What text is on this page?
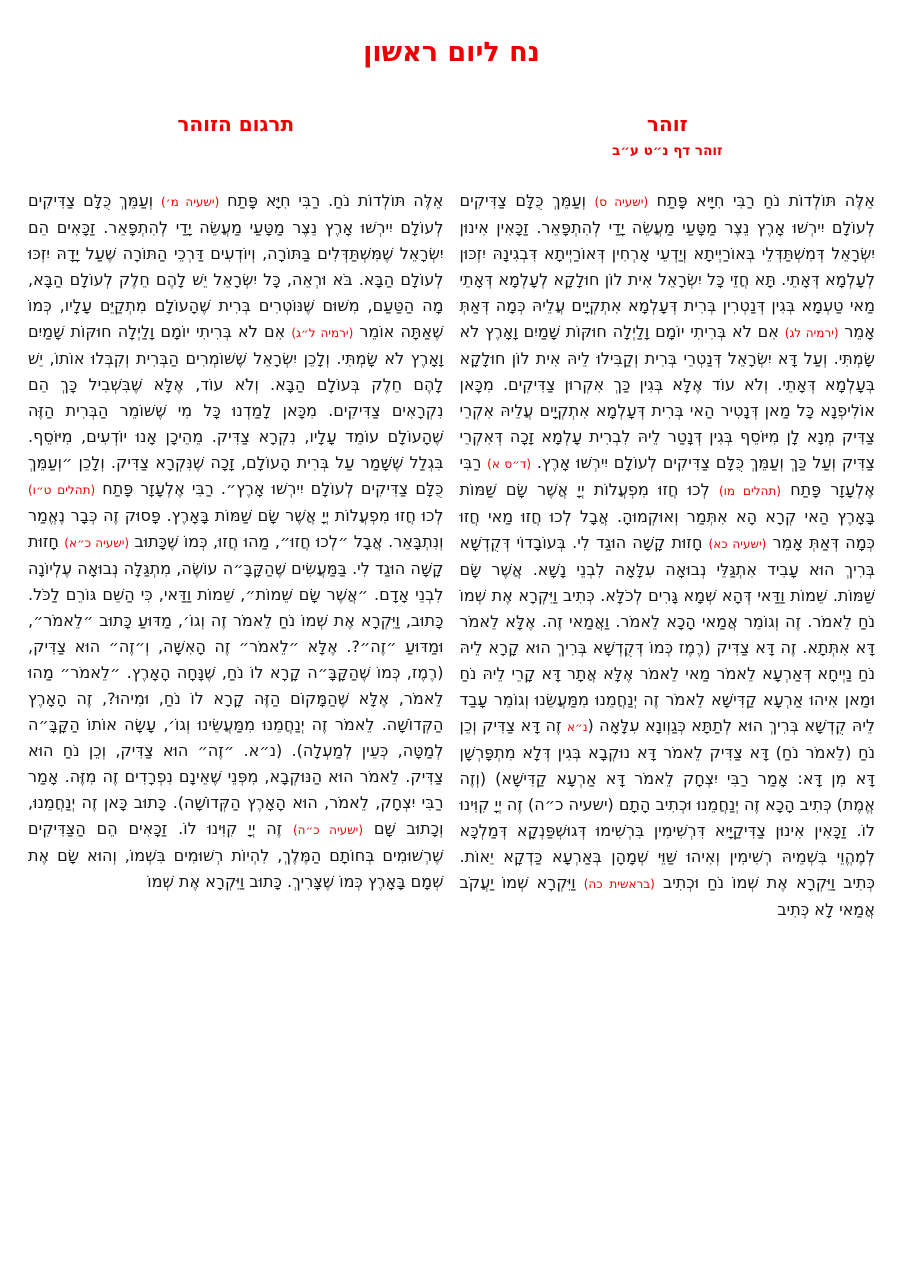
נח ליום ראשון
זוהר
זוהר דף נ״ט ע״ב

אֵלֶּה תּוֹלְדוֹת נֹחַ רַבִּי חִיָּיא פָּתַח (ישעיה ס) וְעַמֵּךְ כֻּלָּם צַדִּיקִים לְעוֹלָם יִירְשׁוּ אָרֶץ נֵצֶר מַטָּעַי מַעֲשֵׂה יָדַי לְהִתְפָּאֵר. זַכָּאִין אִינוּן יִשְׂרָאֵל דְּמִשְׁתַּדְּלֵי בְּאוֹרַיְיתָא וְיַדְעֵי אָרְחִין דְּאוֹרַיְיתָא דִּבְגִינָהּ יִזְכּוּן לְעָלְמָא דְּאָתֵי. תָּא חֲזֵי כָּל יִשְׂרָאֵל אִית לוֹן חוּלָקָא לְעָלְמָא דְּאָתֵי מַאי טַעְמָא בְּגִין דְּנַטְרִין בְּרִית דְּעָלְמָא אִתְקְיָים עֲלֵיהּ כְּמָה דְּאַתְּ אָמֵר (ירמיה לג) אִם לֹא בְּרִיתִי יוֹמָם וָלַיְלָה חוּקּוֹת שָׁמַיִם וָאָרֶץ לֹא שָׂמְתִּי. וְעַל דָּא יִשְׂרָאֵל דְּנַטְרֵי בְּרִית וְקַבִּילוּ לֵיהּ אִית לוֹן חוּלָקָא בְּעָלְמָא דְּאָתֵי. וְלֹא עוֹד אֶלָּא בְּגִין כַּךְ אִקְרוּן צַדִּיקִים. מִכָּאן אוֹלִיפְנָא כָּל מַאן דְּנָטִיר הַאי בְּרִית דְּעָלְמָא אִתְקְיָים עֲלֵיהּ אִקְרֵי צַדִּיק מְנָא לָן מִיּוֹסֵף בְּגִין דְּנָטַר לֵיהּ לִבְרִית עָלְמָא זָכָה דְּאִקְרֵי צַדִּיק וְעַל כַּךְ וְעַמֵּךְ כֻּלָּם צַדִּיקִים לְעוֹלָם יִירְשׁוּ אָרֶץ. (ד״ס א) רַבִּי אֶלְעָזָר פָּתַח (תהלים מו) לְכוּ חֲזוּ מִפְעֲלוֹת יְיָ אֲשֶׁר שָׂם שַׁמּוֹת בָּאָרֶץ הַאי קְרָא הָא אִתְּמַר וְאוּקְמוּהָ. אֲבָל לְכוּ חֲזוּ מַאי חֲזוּ כְּמָה דְּאַתְּ אָמֵר (ישעיה כא) חָזוּת קָשָׁה הוּגַד לִי. בְּעוֹבָדוֹי דְּקֻדְשָׁא בְּרִיךְ הוּא עָבִיד אִתְגַּלֵּי נְבוּאָה עִלָּאָה לִבְנֵי נָשָׁא. אֲשֶׁר שָׂם שַׁמּוֹת. שֵׁמוֹת וַדַּאי דְּהָא שְׁמָא גָּרִים לְכֹלָּא. כְּתִיב וַיִּקְרָא אֶת שְׁמוֹ נֹחַ לֵאמֹר. זֶה וְגוֹמֵר אֲמַאי הָכָא לֵאמֹר. וַאֲמַאי זֶה. אֶלָּא לֵאמֹר דָּא אִתְּתָא. זֶה דָּא צַדִּיק (רֶמֶז כְּמוֹ דְּקֻדְשָׁא בְּרִיךְ הוּא קָרָא לֵיהּ נֹחַ נַיְיחָא דְּאַרְעָא לֵאמֹר מַאי לֵאמֹר אֶלָּא אֲתָר דָּא קָרֵי לֵיהּ נֹחַ וּמַאן אִיהוּ אַרְעָא קַדִּישָׁא לֵאמֹר זֶה יְנַחֲמֵנוּ מִמַּעֲשֵׂנוּ וְגוֹמֵר עָבַד לֵיהּ קֻדְשָׁא בְּרִיךְ הוּא לְתַתָּא כְּגַוְונָא עִלָּאָה (נ״א זֶה דָּא צַדִּיק וְכֵן נֹחַ (לֵאמֹר נֹחַ) דָּא צַדִּיק לֵאמֹר דָּא נוּקְבָא בְּגִין דְּלָא מִתְפָּרְשָׁן דָּא מִן דָּא: אָמַר רַבִּי יִצְחָק לֵאמֹר דָּא אַרְעָא קַדִּישָׁא) (וְזֶה אֱמֶת) כְּתִיב הָכָא זֶה יְנַחֲמֵנוּ וּכְתִיב הָתָם (ישעיה כ״ה) זֶה יְיָ קִוִּינוּ לוֹ. זַכָּאִין אִינוּן צַדִּיקַיָּיא דִּרְשִׁימִין בִּרְשִׁימוּ דְּגוּשְׁפַּנְקָא דְּמַלְכָּא לְמֶהֱוֵי בִּשְׁמֵיהּ רְשִׁימִין וְאִיהוּ שַׁוֵּי שְׁמָהָן בְּאַרְעָא כַּדְקָא יֵאוֹת. כְּתִיב וַיִּקְרָא אֶת שְׁמוֹ נֹחַ וּכְתִיב (בראשית כה) וַיִּקְרָא שְׁמוֹ יַעֲקֹב אֲמַאי לָא כְּתִיב

תרגום הזוהר

אֵלֶּה תּוֹלְדוֹת נֹחַ. רַבִּי חִיָּא פָּתַח (ישעיה מ׳) וְעַמֵּךְ כֻּלָּם צַדִּיקִים לְעוֹלָם יִירְשׁוּ אָרֶץ נֵצֶר מַטָּעַי מַעֲשֵׂה יָדַי לְהִתְפָּאֵר. זַכָּאִים הֵם יִשְׂרָאֵל שֶׁמִּשְׁתַּדְּלִים בַּתּוֹרָה, וְיוֹדְעִים דַּרְכֵי הַתּוֹרָה שֶׁעַל יָדָהּ יִזְכּוּ לְעוֹלָם הַבָּא. בֹּא וּרְאֵה, כָּל יִשְׂרָאֵל יֵשׁ לָהֶם חֵלֶק לְעוֹלָם הַבָּא, מָה הַטַּעַם, מִשּׁוּם שֶׁנּוֹטְרִים בְּרִית שֶׁהָעוֹלָם מִתְקַיֵּם עָלָיו, כְּמוֹ שֶׁאַתָּה אוֹמֵר (ירמיה ל״ג) אִם לֹא בְּרִיתִי יוֹמָם וָלַיְלָה חוּקּוֹת שָׁמַיִם וָאָרֶץ לֹא שָׂמְתִּי. וְלָכֵן יִשְׂרָאֵל שֶׁשּׁוֹמְרִים הַבְּרִית וְקִבְּלוּ אוֹתוֹ, יֵשׁ לָהֶם חֵלֶק בְּעוֹלָם הַבָּא. וְלֹא עוֹד, אֶלָּא שֶׁבִּשְׁבִיל כָּךְ הֵם נִקְרָאִים צַדִּיקִים. מִכָּאן לָמַדְנוּ כָּל מִי שֶׁשּׁוֹמֵר הַבְּרִית הַזֶּה שֶׁהָעוֹלָם עוֹמֵד עָלָיו, נִקְרָא צַדִּיק. מֵהֵיכָן אָנוּ יוֹדְעִים, מִיּוֹסֵף. בִּגְלַל שֶׁשָּׁמַר עַל בְּרִית הָעוֹלָם, זָכָה שֶׁנִּקְרָא צַדִּיק. וְלָכֵן ״וְעַמֵּךְ כֻּלָּם צַדִּיקִים לְעוֹלָם יִירְשׁוּ אָרֶץ״. רַבִּי אֶלְעָזָר פָּתַח (תהלים ט״ו) לְכוּ חֲזוּ מִפְעֲלוֹת יְיָ אֲשֶׁר שָׂם שַׁמּוֹת בָּאָרֶץ. פָּסוּק זֶה כְּבָר נֶאֱמַר וְנִתְבָּאֵר. אֲבָל ״לְכוּ חֲזוּ״, מַהוּ חֲזוּ, כְּמוֹ שֶׁכָּתוּב (ישעיה כ״א) חָזוּת קָשָׁה הוּגַד לִי. בַּמַּעֲשִׂים שֶׁהַקָּבָּ״ה עוֹשֶׂה, מִתְגַּלָּה נְבוּאָה עֶלְיוֹנָה לִבְנֵי אָדָם. ״אֲשֶׁר שָׂם שֵׁמוֹת״, שֵׁמוֹת וַדַּאי, כִּי הַשֵּׁם גּוֹרֵם לַכֹּל. כָּתוּב, וַיִּקְרָא אֶת שְׁמוֹ נֹחַ לֵאמֹר זֶה וְגוֹ׳, מַדּוּעַ כָּתוּב ״לֵאמֹר״, וּמַדּוּעַ ״זֶה״?. אֶלָּא ״לֵאמֹר״ זֶה הָאִשָּׁה, וְ״זֶה״ הוּא צַדִּיק, (רֶמֶז, כְּמוֹ שֶׁהַקָּבָּ״ה קָרָא לוֹ נֹחַ, שֶׁנָּחָה הָאָרֶץ. ״לֵאמֹר״ מַהוּ לֵאמֹר, אֶלָּא שֶׁהַמָּקוֹם הַזֶּה קָרָא לוֹ נֹחַ, וּמִיהוּ?, זֶה הָאָרֶץ הַקְּדוֹשָׁה. לֵאמֹר זֶה יְנַחֲמֵנוּ מִמַּעֲשֵׂינוּ וְגוֹ׳, עָשָׂה אוֹתוֹ הַקָּבָּ״ה לְמַטָּה, כְּעֵין לְמַעְלָה). (נ״א. ״זֶה״ הוּא צַדִּיק, וְכֵן נֹחַ הוּא צַדִּיק. לֵאמֹר הוּא הַנּוּקְבָא, מִפְּנֵי שֶׁאֵינָם נִפְרָדִים זֶה מִזֶּה. אָמַר רַבִּי יִצְחָק, לֵאמֹר, הוּא הָאָרֶץ הַקְּדוֹשָׁה). כָּתוּב כָּאן זֶה יְנַחֲמֵנוּ, וְכָתוּב שָׁם (ישעיה כ״ה) זֶה יְיָ קִוִּינוּ לוֹ. זַכָּאִים הֵם הַצַּדִּיקִים שֶׁרְשׁוּמִים בְּחוֹתָם הַמֶּלֶךְ, לִהְיוֹת רְשׁוּמִים בִּשְׁמוֹ, וְהוּא שָׂם אֶת שְׁמָם בָּאָרֶץ כְּמוֹ שֶׁצָּרִיךְ. כָּתוּב וַיִּקְרָא אֶת שְׁמוֹ
